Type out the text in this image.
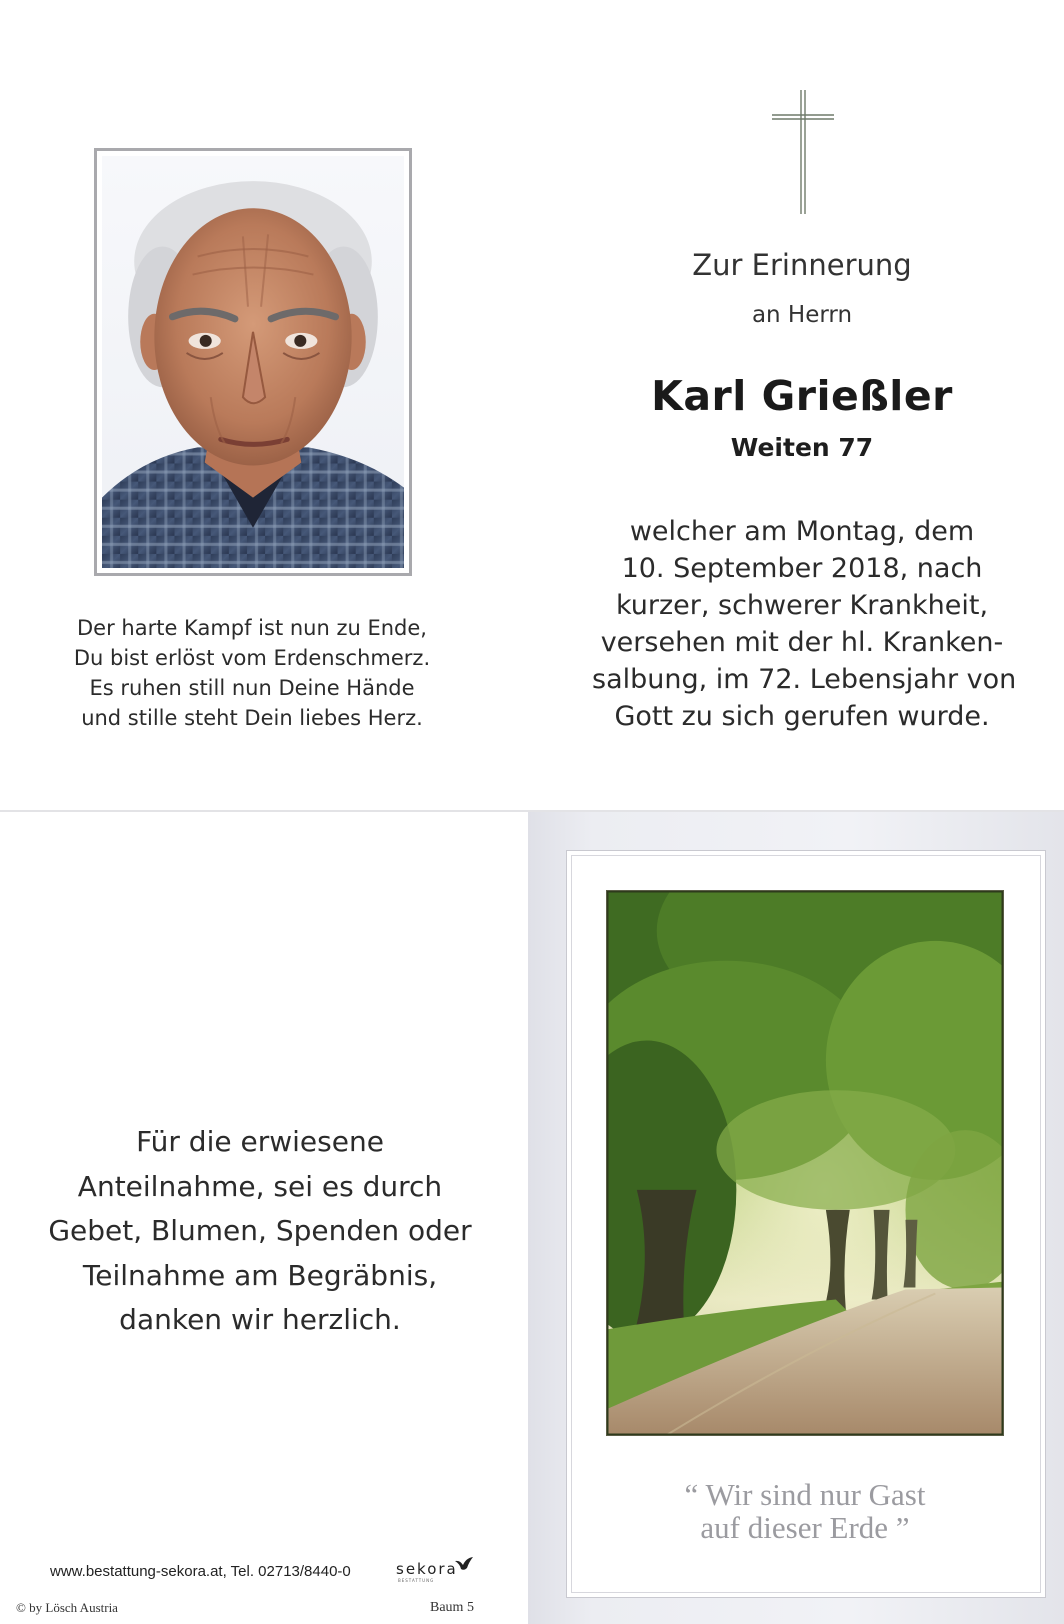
Der harte Kampf ist nun zu Ende,
Du bist erlöst vom Erdenschmerz.
Es ruhen still nun Deine Hände
und stille steht Dein liebes Herz.
Zur Erinnerung
an Herrn
Karl Grießler
Weiten 77
welcher am Montag, dem
10. September 2018, nach
kurzer, schwerer Krankheit,
versehen mit der hl. Kranken-
salbung, im 72. Lebensjahr von
Gott zu sich gerufen wurde.
Für die erwiesene
Anteilnahme, sei es durch
Gebet, Blumen, Spenden oder
Teilnahme am Begräbnis,
danken wir herzlich.
www.bestattung-sekora.at, Tel. 02713/8440-0	sekora
BESTATTUNG
© by Lösch Austria	Baum 5
“ Wir sind nur Gast
auf dieser Erde ”
